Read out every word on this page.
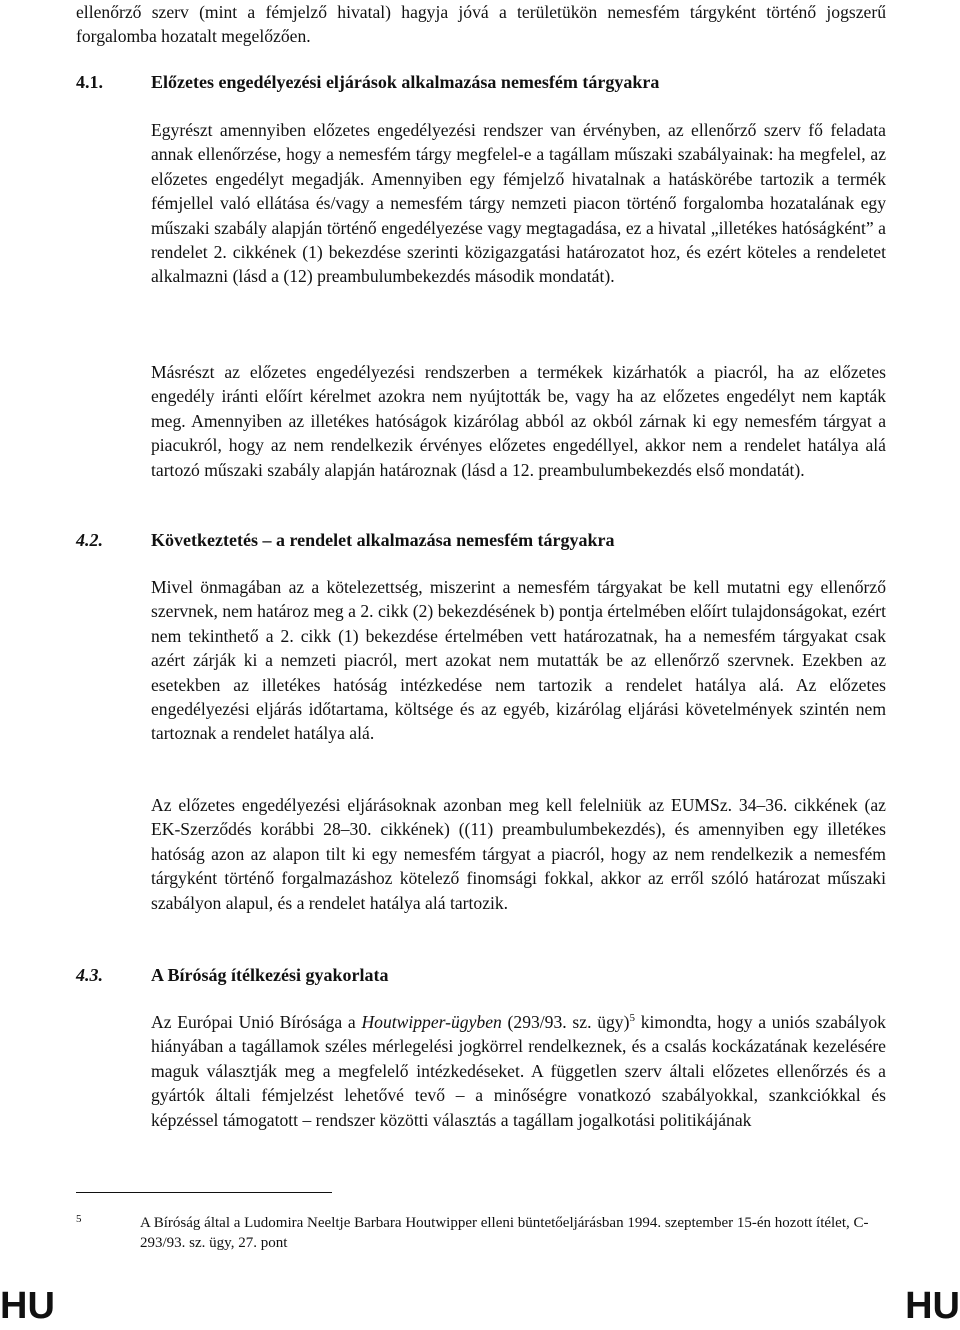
ellenőrző szerv (mint a fémjelző hivatal) hagyja jóvá a területükön nemesfém tárgyként történő jogszerű forgalomba hozatalt megelőzően.

4.1.	Előzetes engedélyezési eljárások alkalmazása nemesfém tárgyakra

Egyrészt amennyiben előzetes engedélyezési rendszer van érvényben, az ellenőrző szerv fő feladata annak ellenőrzése, hogy a nemesfém tárgy megfelel-e a tagállam műszaki szabályainak: ha megfelel, az előzetes engedélyt megadják. Amennyiben egy fémjelző hivatalnak a hatáskörébe tartozik a termék fémjellel való ellátása és/vagy a nemesfém tárgy nemzeti piacon történő forgalomba hozatalának egy műszaki szabály alapján történő engedélyezése vagy megtagadása, ez a hivatal „illetékes hatóságként” a rendelet 2. cikkének (1) bekezdése szerinti közigazgatási határozatot hoz, és ezért köteles a rendeletet alkalmazni (lásd a (12) preambulumbekezdés második mondatát).

Másrészt az előzetes engedélyezési rendszerben a termékek kizárhatók a piacról, ha az előzetes engedély iránti előírt kérelmet azokra nem nyújtották be, vagy ha az előzetes engedélyt nem kapták meg. Amennyiben az illetékes hatóságok kizárólag abból az okból zárnak ki egy nemesfém tárgyat a piacukról, hogy az nem rendelkezik érvényes előzetes engedéllyel, akkor nem a rendelet hatálya alá tartozó műszaki szabály alapján határoznak (lásd a 12. preambulumbekezdés első mondatát).

4.2.	Következtetés – a rendelet alkalmazása nemesfém tárgyakra

Mivel önmagában az a kötelezettség, miszerint a nemesfém tárgyakat be kell mutatni egy ellenőrző szervnek, nem határoz meg a 2. cikk (2) bekezdésének b) pontja értelmében előírt tulajdonságokat, ezért nem tekinthető a 2. cikk (1) bekezdése értelmében vett határozatnak, ha a nemesfém tárgyakat csak azért zárják ki a nemzeti piacról, mert azokat nem mutatták be az ellenőrző szervnek. Ezekben az esetekben az illetékes hatóság intézkedése nem tartozik a rendelet hatálya alá. Az előzetes engedélyezési eljárás időtartama, költsége és az egyéb, kizárólag eljárási követelmények szintén nem tartoznak a rendelet hatálya alá.

Az előzetes engedélyezési eljárásoknak azonban meg kell felelniük az EUMSz. 34–36. cikkének (az EK-Szerződés korábbi 28–30. cikkének) ((11) preambulumbekezdés), és amennyiben egy illetékes hatóság azon az alapon tilt ki egy nemesfém tárgyat a piacról, hogy az nem rendelkezik a nemesfém tárgyként történő forgalmazáshoz kötelező finomsági fokkal, akkor az erről szóló határozat műszaki szabályon alapul, és a rendelet hatálya alá tartozik.

4.3.	A Bíróság ítélkezési gyakorlata

Az Európai Unió Bírósága a Houtwipper-ügyben (293/93. sz. ügy)$^5$ kimondta, hogy a uniós szabályok hiányában a tagállamok széles mérlegelési jogkörrel rendelkeznek, és a csalás kockázatának kezelésére maguk választják meg a megfelelő intézkedéseket. A független szerv általi előzetes ellenőrzés és a gyártók általi fémjelzést lehetővé tevő – a minőségre vonatkozó szabályokkal, szankciókkal és képzéssel támogatott – rendszer közötti választás a tagállam jogalkotási politikájának

5	A Bíróság által a Ludomira Neeltje Barbara Houtwipper elleni büntetőeljárásban 1994. szeptember 15-én hozott ítélet, C-293/93. sz. ügy, 27. pont
HU	HU
